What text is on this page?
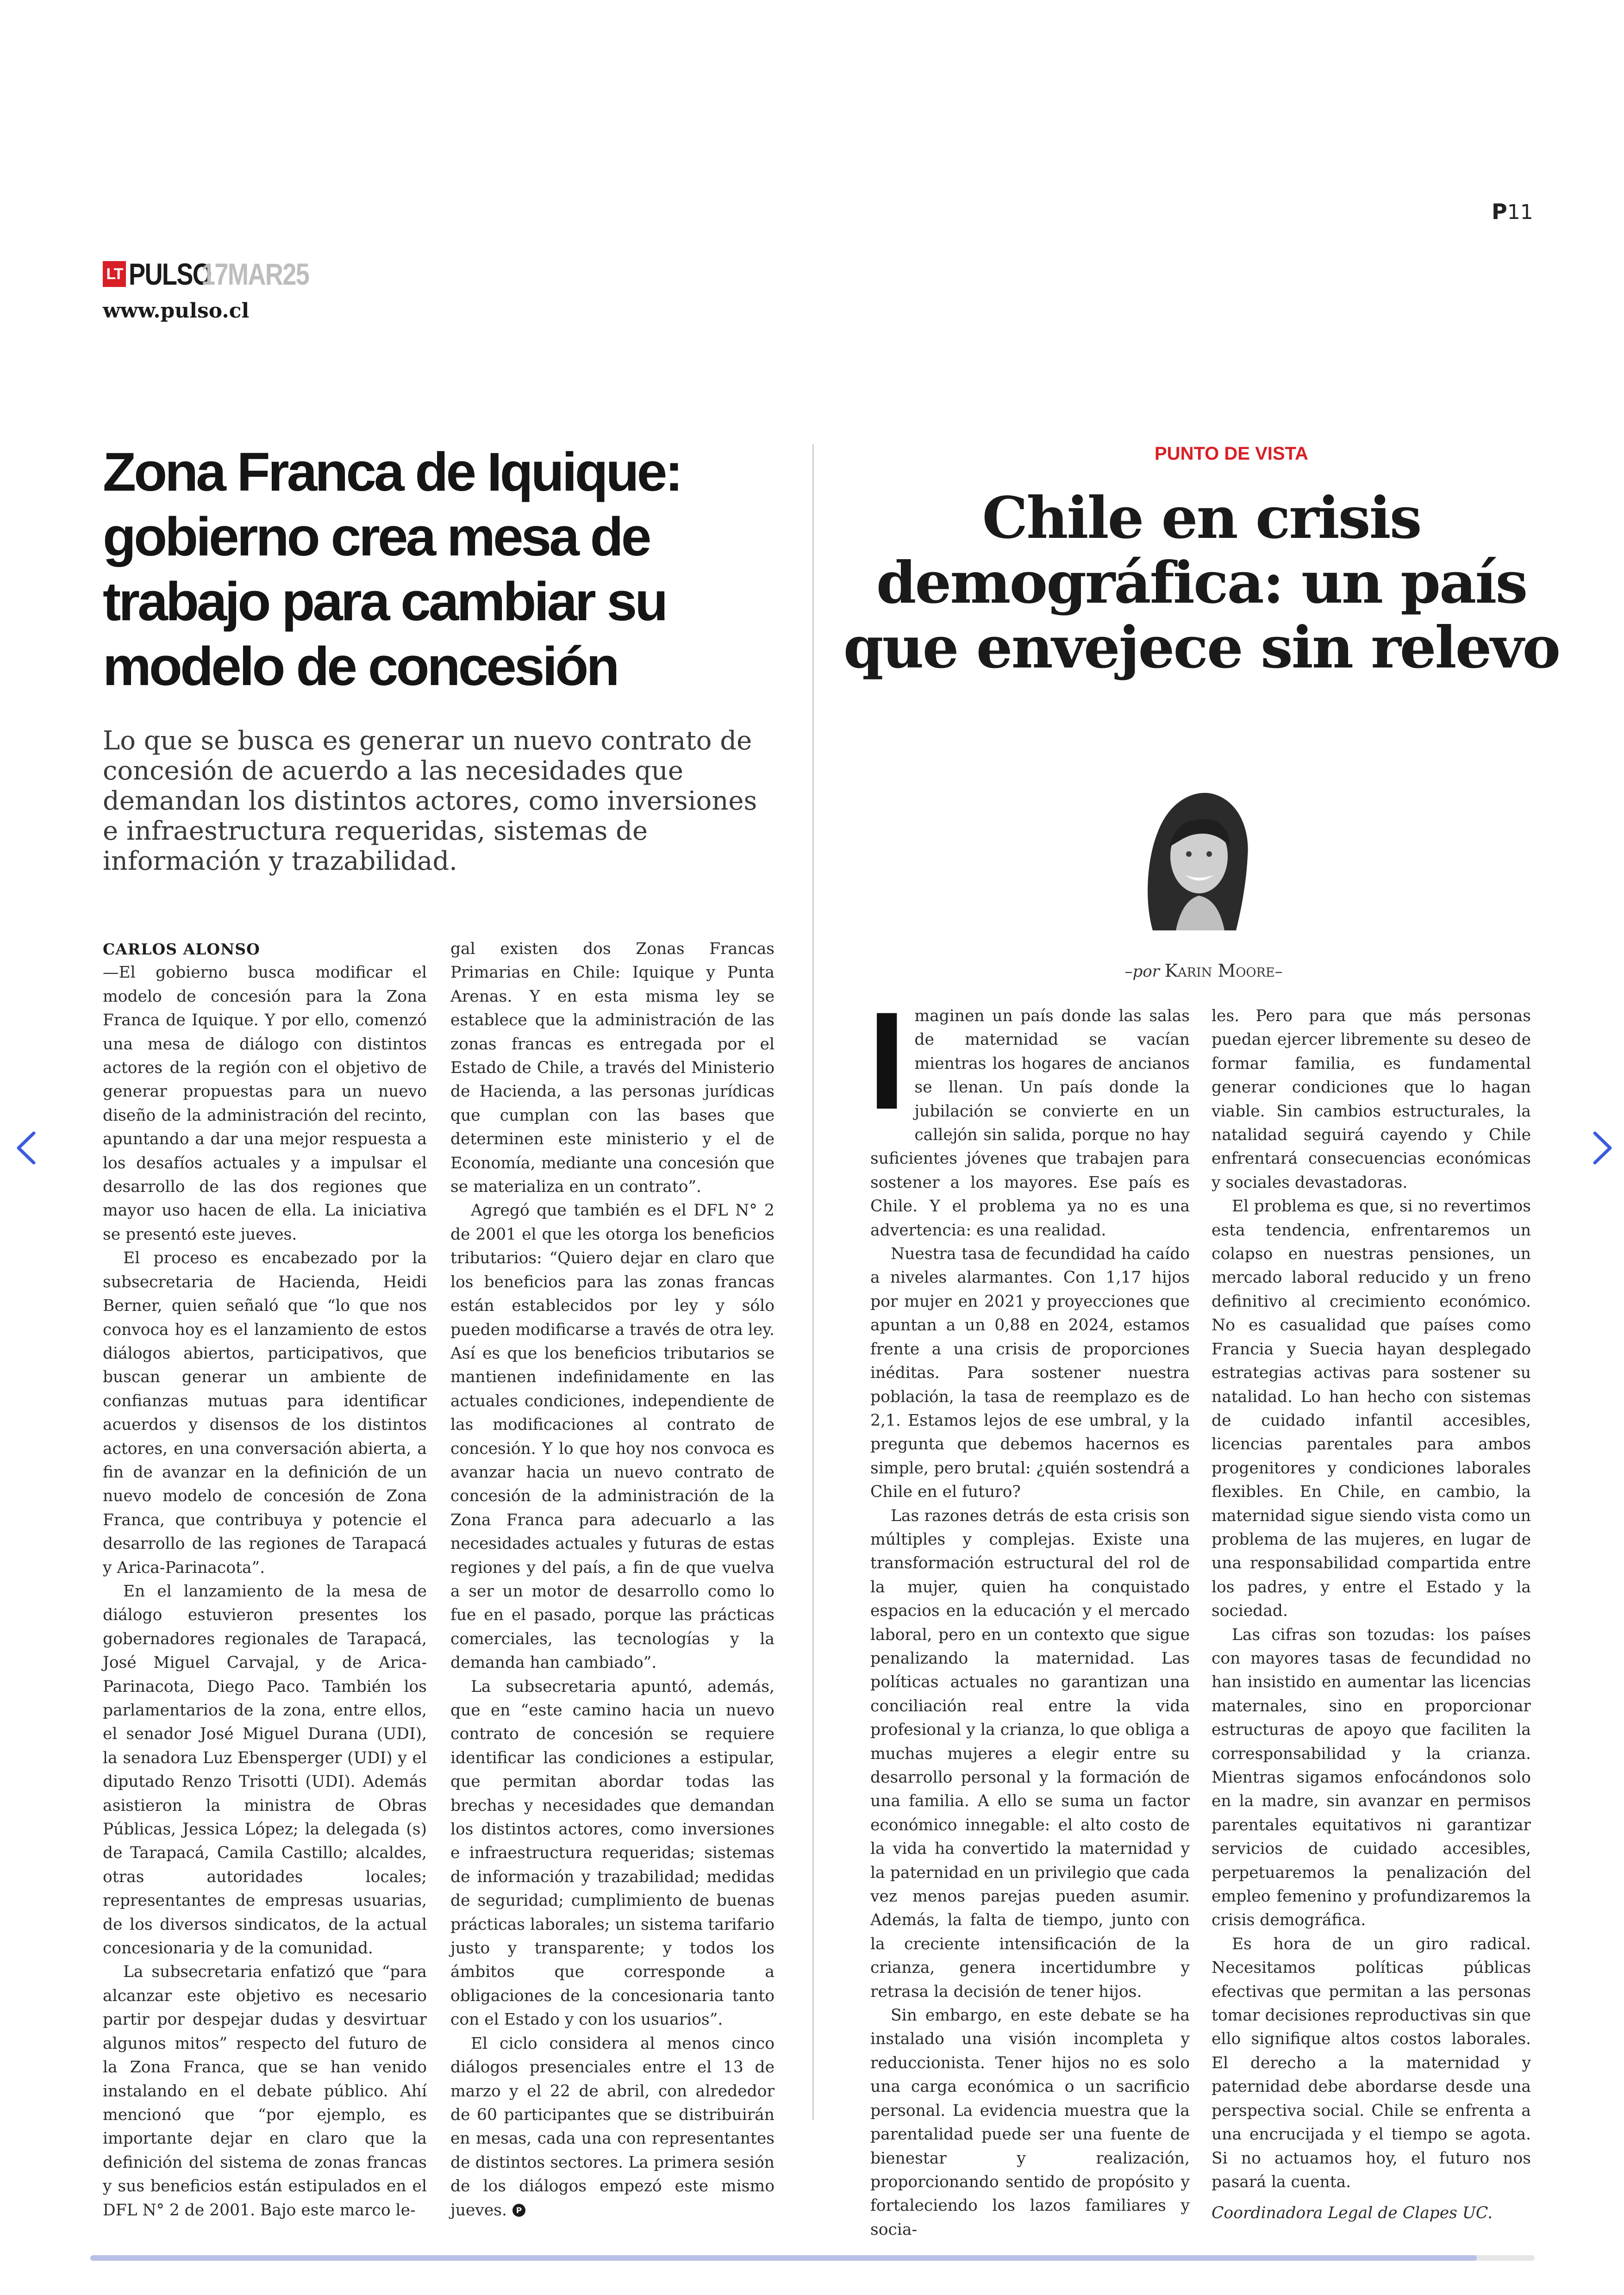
P11
LT PULSO
17MAR25
www.pulso.cl
Zona Franca de Iquique: gobierno crea mesa de trabajo para cambiar su modelo de concesión

Lo que se busca es generar un nuevo contrato de concesión de acuerdo a las necesidades que demandan los distintos actores, como inversiones e infraestructura requeridas, sistemas de información y trazabilidad.

CARLOS ALONSO

—El gobierno busca modificar el modelo de concesión para la Zona Franca de Iquique. Y por ello, comenzó una mesa de diálogo con distintos actores de la región con el objetivo de generar propuestas para un nuevo diseño de la administración del recinto, apuntando a dar una mejor respuesta a los desafíos actuales y a impulsar el desarrollo de las dos regiones que mayor uso hacen de ella. La iniciativa se presentó este jueves.

El proceso es encabezado por la subsecretaria de Hacienda, Heidi Berner, quien señaló que “lo que nos convoca hoy es el lanzamiento de estos diálogos abiertos, participativos, que buscan generar un ambiente de confianzas mutuas para identificar acuerdos y disensos de los distintos actores, en una conversación abierta, a fin de avanzar en la definición de un nuevo modelo de concesión de Zona Franca, que contribuya y potencie el desarrollo de las regiones de Tarapacá y Arica-Parinacota”.

En el lanzamiento de la mesa de diálogo estuvieron presentes los gobernadores regionales de Tarapacá, José Miguel Carvajal, y de Arica-Parinacota, Diego Paco. También los parlamentarios de la zona, entre ellos, el senador José Miguel Durana (UDI), la senadora Luz Ebensperger (UDI) y el diputado Renzo Trisotti (UDI). Además asistieron la ministra de Obras Públicas, Jessica López; la delegada (s) de Tarapacá, Camila Castillo; alcaldes, otras autoridades locales; representantes de empresas usuarias, de los diversos sindicatos, de la actual concesionaria y de la comunidad.

La subsecretaria enfatizó que “para alcanzar este objetivo es necesario partir por despejar dudas y desvirtuar algunos mitos” respecto del futuro de la Zona Franca, que se han venido instalando en el debate público. Ahí mencionó que “por ejemplo, es importante dejar en claro que la definición del sistema de zonas francas y sus beneficios están estipulados en el DFL N° 2 de 2001. Bajo este marco le-

gal existen dos Zonas Francas Primarias en Chile: Iquique y Punta Arenas. Y en esta misma ley se establece que la administración de las zonas francas es entregada por el Estado de Chile, a través del Ministerio de Hacienda, a las personas jurídicas que cumplan con las bases que determinen este ministerio y el de Economía, mediante una concesión que se materializa en un contrato”.

Agregó que también es el DFL N° 2 de 2001 el que les otorga los beneficios tributarios: “Quiero dejar en claro que los beneficios para las zonas francas están establecidos por ley y sólo pueden modificarse a través de otra ley. Así es que los beneficios tributarios se mantienen indefinidamente en las actuales condiciones, independiente de las modificaciones al contrato de concesión. Y lo que hoy nos convoca es avanzar hacia un nuevo contrato de concesión de la administración de la Zona Franca para adecuarlo a las necesidades actuales y futuras de estas regiones y del país, a fin de que vuelva a ser un motor de desarrollo como lo fue en el pasado, porque las prácticas comerciales, las tecnologías y la demanda han cambiado”.

La subsecretaria apuntó, además, que en “este camino hacia un nuevo contrato de concesión se requiere identificar las condiciones a estipular, que permitan abordar todas las brechas y necesidades que demandan los distintos actores, como inversiones e infraestructura requeridas; sistemas de información y trazabilidad; medidas de seguridad; cumplimiento de buenas prácticas laborales; un sistema tarifario justo y transparente; y todos los ámbitos que corresponde a obligaciones de la concesionaria tanto con el Estado y con los usuarios”.

El ciclo considera al menos cinco diálogos presenciales entre el 13 de marzo y el 22 de abril, con alrededor de 60 participantes que se distribuirán en mesas, cada una con representantes de distintos sectores. La primera sesión de los diálogos empezó este mismo jueves. P

PUNTO DE VISTA
Chile en crisis demográfica: un país que envejece sin relevo
–por Karin Moore–
I maginen un país donde las salas de maternidad se vacían mientras los hogares de ancianos se llenan. Un país donde la jubilación se convierte en un callejón sin salida, porque no hay suficientes jóvenes que trabajen para sostener a los mayores. Ese país es Chile. Y el problema ya no es una advertencia: es una realidad.

Nuestra tasa de fecundidad ha caído a niveles alarmantes. Con 1,17 hijos por mujer en 2021 y proyecciones que apuntan a un 0,88 en 2024, estamos frente a una crisis de proporciones inéditas. Para sostener nuestra población, la tasa de reemplazo es de 2,1. Estamos lejos de ese umbral, y la pregunta que debemos hacernos es simple, pero brutal: ¿quién sostendrá a Chile en el futuro?

Las razones detrás de esta crisis son múltiples y complejas. Existe una transformación estructural del rol de la mujer, quien ha conquistado espacios en la educación y el mercado laboral, pero en un contexto que sigue penalizando la maternidad. Las políticas actuales no garantizan una conciliación real entre la vida profesional y la crianza, lo que obliga a muchas mujeres a elegir entre su desarrollo personal y la formación de una familia. A ello se suma un factor económico innegable: el alto costo de la vida ha convertido la maternidad y la paternidad en un privilegio que cada vez menos parejas pueden asumir. Además, la falta de tiempo, junto con la creciente intensificación de la crianza, genera incertidumbre y retrasa la decisión de tener hijos.

Sin embargo, en este debate se ha instalado una visión incompleta y reduccionista. Tener hijos no es solo una carga económica o un sacrificio personal. La evidencia muestra que la parentalidad puede ser una fuente de bienestar y realización, proporcionando sentido de propósito y fortaleciendo los lazos familiares y socia-

les. Pero para que más personas puedan ejercer libremente su deseo de formar familia, es fundamental generar condiciones que lo hagan viable. Sin cambios estructurales, la natalidad seguirá cayendo y Chile enfrentará consecuencias económicas y sociales devastadoras.

El problema es que, si no revertimos esta tendencia, enfrentaremos un colapso en nuestras pensiones, un mercado laboral reducido y un freno definitivo al crecimiento económico. No es casualidad que países como Francia y Suecia hayan desplegado estrategias activas para sostener su natalidad. Lo han hecho con sistemas de cuidado infantil accesibles, licencias parentales para ambos progenitores y condiciones laborales flexibles. En Chile, en cambio, la maternidad sigue siendo vista como un problema de las mujeres, en lugar de una responsabilidad compartida entre los padres, y entre el Estado y la sociedad.

Las cifras son tozudas: los países con mayores tasas de fecundidad no han insistido en aumentar las licencias maternales, sino en proporcionar estructuras de apoyo que faciliten la corresponsabilidad y la crianza. Mientras sigamos enfocándonos solo en la madre, sin avanzar en permisos parentales equitativos ni garantizar servicios de cuidado accesibles, perpetuaremos la penalización del empleo femenino y profundizaremos la crisis demográfica.

Es hora de un giro radical. Necesitamos políticas públicas efectivas que permitan a las personas tomar decisiones reproductivas sin que ello signifique altos costos laborales. El derecho a la maternidad y paternidad debe abordarse desde una perspectiva social. Chile se enfrenta a una encrucijada y el tiempo se agota. Si no actuamos hoy, el futuro nos pasará la cuenta.

Coordinadora Legal de Clapes UC.
